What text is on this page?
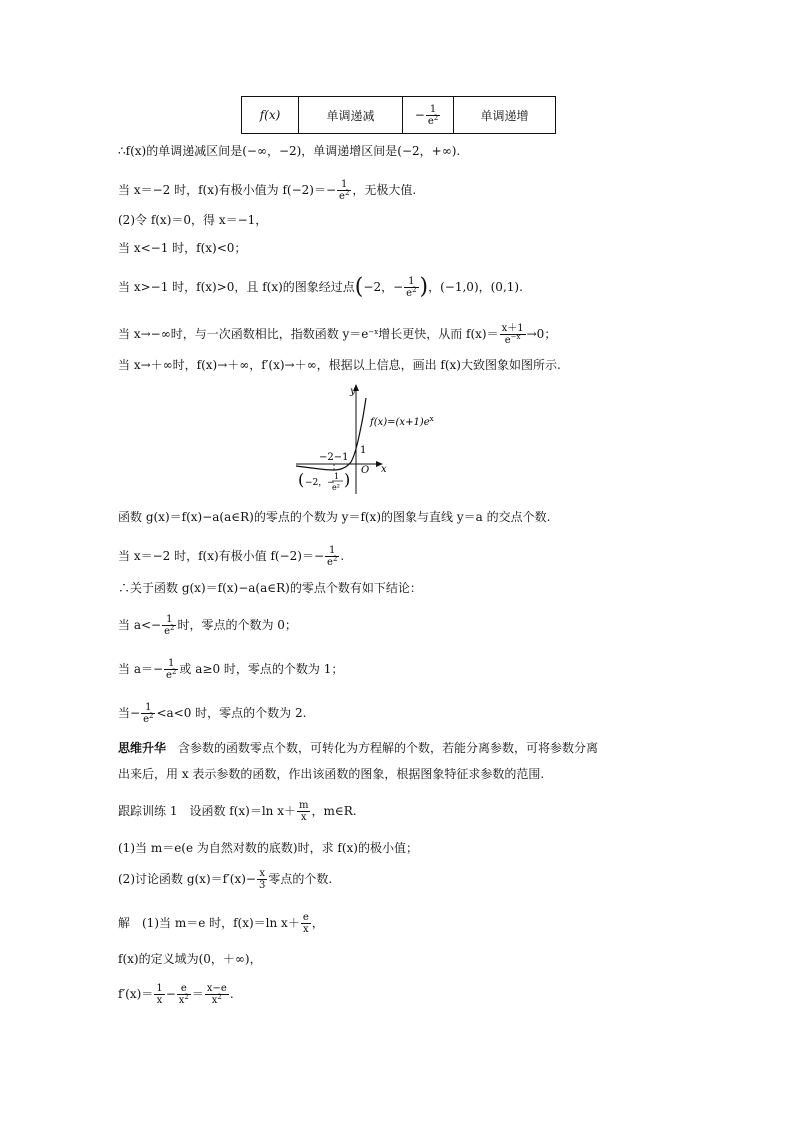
f(x)	单调递减	− $\frac{1}{e^2}$	单调递增
∴f(x)的单调递减区间是(−∞，−2)，单调递增区间是(−2，+∞).
当 x＝−2 时，f(x)有极小值为 $f(-2)=- \frac{1}{e^2}$ ，无极大值.
(2)令 f(x)＝0，得 x＝−1，
当 x<−1 时，f(x)<0；
当 x>−1 时，f(x)>0，且 f(x)的图象经过点(−2，− $\frac{1}{e^2}$ )，(−1,0)，(0,1).
当 x→−∞时，与一次函数相比，指数函数 $y=e^{-x}$增长更快，从而 $f(x)= \frac{x+1}{e^{-x}} \to 0$；
当 x→＋∞时，f(x)→＋∞，f′(x)→＋∞，根据以上信息，画出 f(x)大致图象如图所示.
y
x
O
1
−2−1
$f(x)=(x+1)e^x$
( −2，−
1
e² )
函数 g(x)＝f(x)−a(a∈R)的零点的个数为 y＝f(x)的图象与直线 y＝a 的交点个数.
当 x＝−2 时，f(x)有极小值 $f(-2)=- \frac{1}{e^2}$ .
∴关于函数 g(x)＝f(x)−a(a∈R)的零点个数有如下结论：
当 $a<- \frac{1}{e^2}$ 时，零点的个数为 0；
当 $a=- \frac{1}{e^2}$ 或 a≥0 时，零点的个数为 1；
当− $\frac{1}{e^2} <a<0$ 时，零点的个数为 2.
思维升华　 含参数的函数零点个数，可转化为方程解的个数，若能分离参数，可将参数分离
出来后，用 x 表示参数的函数，作出该函数的图象，根据图象特征求参数的范围.
跟踪训练 1　设函数 f(x)＝ln $x+ \frac{m}{x}$ ，m∈R.
(1)当 m＝e(e 为自然对数的底数)时，求 f(x)的极小值；
(2)讨论函数 $g(x)=f'(x)- \frac{x}{3}$ 零点的个数.
解　(1)当 m＝e 时，f(x)＝ln $x+ \frac{e}{x}$ ，
f(x)的定义域为(0，＋∞)，
$f'(x)= \frac{1}{x} - \frac{e}{x^2} = \frac{x-e}{x^2}$ .
